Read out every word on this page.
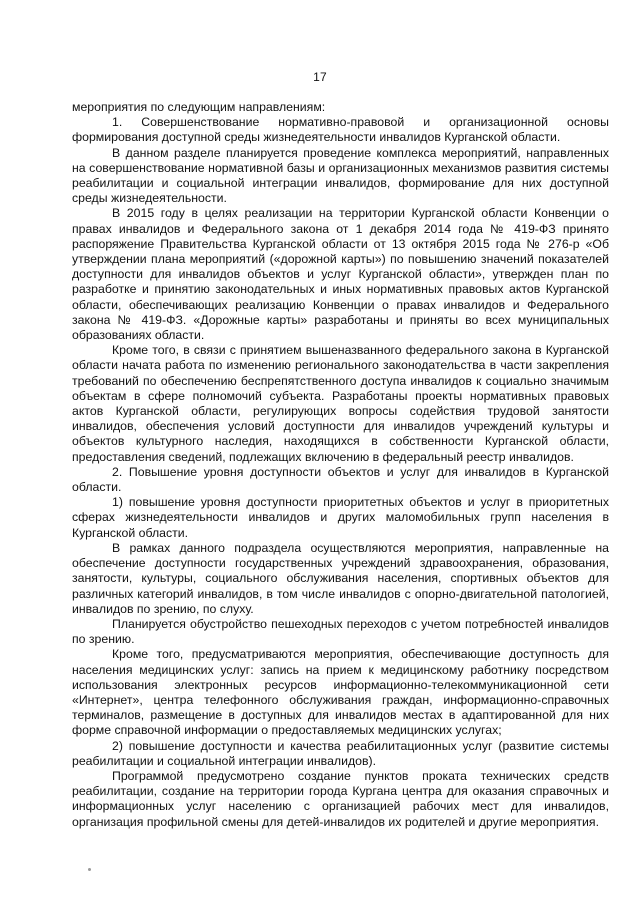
17

мероприятия по следующим направлениям:

1. Совершенствование нормативно-правовой и организационной основы формирования доступной среды жизнедеятельности инвалидов Курганской области.

В данном разделе планируется проведение комплекса мероприятий, направленных на совершенствование нормативной базы и организационных механизмов развития системы реабилитации и социальной интеграции инвалидов, формирование для них доступной среды жизнедеятельности.

В 2015 году в целях реализации на территории Курганской области Конвенции о правах инвалидов и Федерального закона от 1 декабря 2014 года № 419-ФЗ принято распоряжение Правительства Курганской области от 13 октября 2015 года № 276-р «Об утверждении плана мероприятий («дорожной карты») по повышению значений показателей доступности для инвалидов объектов и услуг Курганской области», утвержден план по разработке и принятию законодательных и иных нормативных правовых актов Курганской области, обеспечивающих реализацию Конвенции о правах инвалидов и Федерального закона № 419-ФЗ. «Дорожные карты» разработаны и приняты во всех муниципальных образованиях области.

Кроме того, в связи с принятием вышеназванного федерального закона в Курганской области начата работа по изменению регионального законодательства в части закрепления требований по обеспечению беспрепятственного доступа инвалидов к социально значимым объектам в сфере полномочий субъекта. Разработаны проекты нормативных правовых актов Курганской области, регулирующих вопросы содействия трудовой занятости инвалидов, обеспечения условий доступности для инвалидов учреждений культуры и объектов культурного наследия, находящихся в собственности Курганской области, предоставления сведений, подлежащих включению в федеральный реестр инвалидов.

2. Повышение уровня доступности объектов и услуг для инвалидов в Курганской области.

1) повышение уровня доступности приоритетных объектов и услуг в приоритетных сферах жизнедеятельности инвалидов и других маломобильных групп населения в Курганской области.

В рамках данного подраздела осуществляются мероприятия, направленные на обеспечение доступности государственных учреждений здравоохранения, образования, занятости, культуры, социального обслуживания населения, спортивных объектов для различных категорий инвалидов, в том числе инвалидов с опорно-двигательной патологией, инвалидов по зрению, по слуху.

Планируется обустройство пешеходных переходов с учетом потребностей инвалидов по зрению.

Кроме того, предусматриваются мероприятия, обеспечивающие доступность для населения медицинских услуг: запись на прием к медицинскому работнику посредством использования электронных ресурсов информационно-телекоммуникационной сети «Интернет», центра телефонного обслуживания граждан, информационно-справочных терминалов, размещение в доступных для инвалидов местах в адаптированной для них форме справочной информации о предоставляемых медицинских услугах;

2) повышение доступности и качества реабилитационных услуг (развитие системы реабилитации и социальной интеграции инвалидов).

Программой предусмотрено создание пунктов проката технических средств реабилитации, создание на территории города Кургана центра для оказания справочных и информационных услуг населению с организацией рабочих мест для инвалидов, организация профильной смены для детей-инвалидов их родителей и другие мероприятия.
